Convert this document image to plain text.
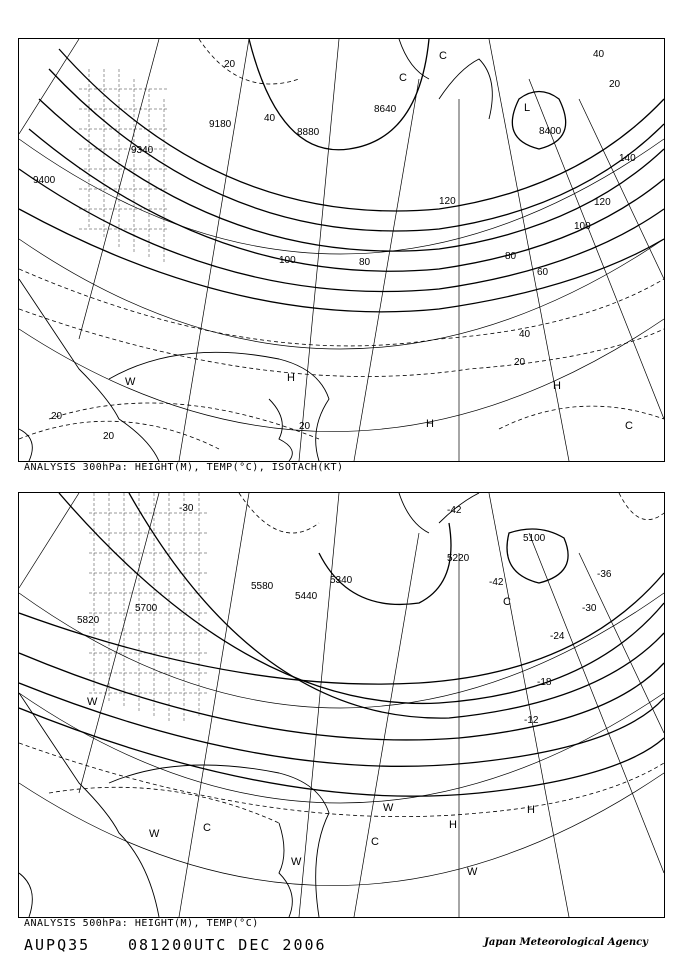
8400
8640
8880
9180
9340
9400
140
120	120
100
100	80
80
60
40
40
40
20
20
20
20
20
20
C
C
L
H
H
H
C
W
ANALYSIS 300hPa: HEIGHT(M), TEMP(°C), ISOTACH(KT)
5100
5220
5340
5440
5580
5700
5820
-42
-42
-36
-30
-24
-18
-12
-30
W
W	C
W
H
C
H
W
W
C
ANALYSIS 500hPa: HEIGHT(M), TEMP(°C)
AUPQ35	081200UTC DEC 2006	Japan Meteorological Agency
